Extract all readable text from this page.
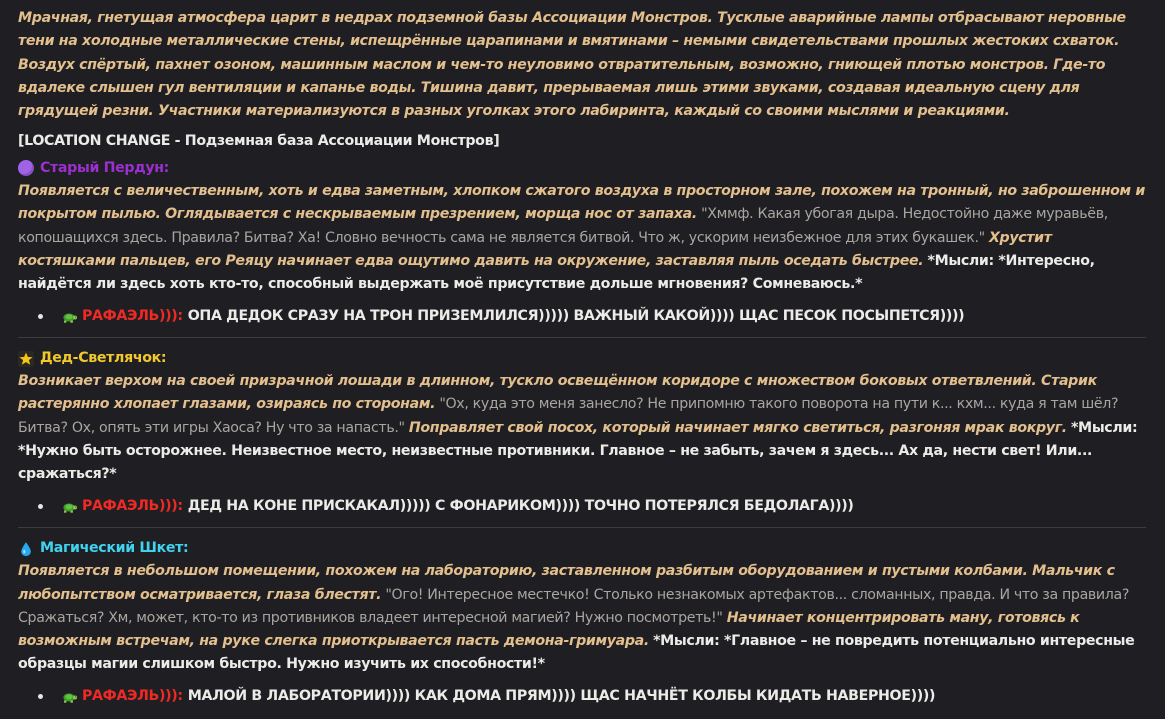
Мрачная, гнетущая атмосфера царит в недрах подземной базы Ассоциации Монстров. Тусклые аварийные лампы отбрасывают неровные тени на холодные металлические стены, испещрённые царапинами и вмятинами – немыми свидетельствами прошлых жестоких схваток. Воздух спёртый, пахнет озоном, машинным маслом и чем-то неуловимо отвратительным, возможно, гниющей плотью монстров. Где-то вдалеке слышен гул вентиляции и капанье воды. Тишина давит, прерываемая лишь этими звуками, создавая идеальную сцену для грядущей резни. Участники материализуются в разных уголках этого лабиринта, каждый со своими мыслями и реакциями.

[LOCATION CHANGE - Подземная база Ассоциации Монстров]

Старый Пердун:

Появляется с величественным, хоть и едва заметным, хлопком сжатого воздуха в просторном зале, похожем на тронный, но заброшенном и покрытом пылью. Оглядывается с нескрываемым презрением, морща нос от запаха. "Хммф. Какая убогая дыра. Недостойно даже муравьёв, копошащихся здесь. Правила? Битва? Ха! Словно вечность сама не является битвой. Что ж, ускорим неизбежное для этих букашек." Хрустит костяшками пальцев, его Реяцу начинает едва ощутимо давить на окружение, заставляя пыль оседать быстрее. *Мысли: *Интересно, найдётся ли здесь хоть кто-то, способный выдержать моё присутствие дольше мгновения? Сомневаюсь.*

РАФАЭЛЬ))): ОПА ДЕДОК СРАЗУ НА ТРОН ПРИЗЕМЛИЛСЯ))))) ВАЖНЫЙ КАКОЙ)))) ЩАС ПЕСОК ПОСЫПЕТСЯ))))
Дед-Светлячок:

Возникает верхом на своей призрачной лошади в длинном, тускло освещённом коридоре с множеством боковых ответвлений. Старик растерянно хлопает глазами, озираясь по сторонам. "Ох, куда это меня занесло? Не припомню такого поворота на пути к... кхм... куда я там шёл? Битва? Ох, опять эти игры Хаоса? Ну что за напасть." Поправляет свой посох, который начинает мягко светиться, разгоняя мрак вокруг. *Мысли: *Нужно быть осторожнее. Неизвестное место, неизвестные противники. Главное – не забыть, зачем я здесь... Ах да, нести свет! Или... сражаться?*

РАФАЭЛЬ))): ДЕД НА КОНЕ ПРИСКАКАЛ))))) С ФОНАРИКОМ)))) ТОЧНО ПОТЕРЯЛСЯ БЕДОЛАГА))))
Магический Шкет:

Появляется в небольшом помещении, похожем на лабораторию, заставленном разбитым оборудованием и пустыми колбами. Мальчик с любопытством осматривается, глаза блестят. "Ого! Интересное местечко! Столько незнакомых артефактов... сломанных, правда. И что за правила? Сражаться? Хм, может, кто-то из противников владеет интересной магией? Нужно посмотреть!" Начинает концентрировать ману, готовясь к возможным встречам, на руке слегка приоткрывается пасть демона-гримуара. *Мысли: *Главное – не повредить потенциально интересные образцы магии слишком быстро. Нужно изучить их способности!*

РАФАЭЛЬ))): МАЛОЙ В ЛАБОРАТОРИИ)))) КАК ДОМА ПРЯМ)))) ЩАС НАЧНЁТ КОЛБЫ КИДАТЬ НАВЕРНОЕ))))
